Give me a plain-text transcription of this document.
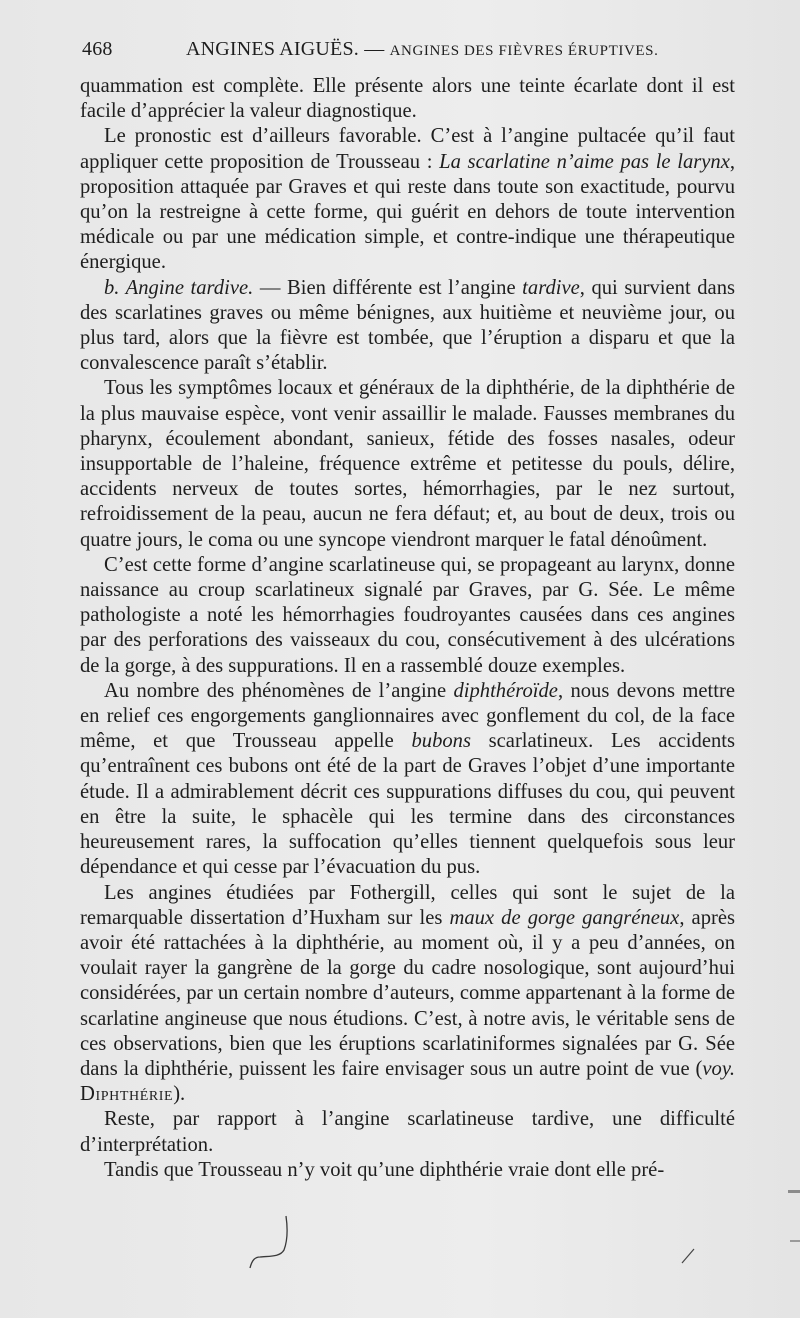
468	ANGINES AIGUËS. — ANGINES DES FIÈVRES ÉRUPTIVES.

quammation est complète. Elle présente alors une teinte écarlate dont il est facile d’apprécier la valeur diagnostique.

Le pronostic est d’ailleurs favorable. C’est à l’angine pultacée qu’il faut appliquer cette proposition de Trousseau : La scarlatine n’aime pas le larynx, proposition attaquée par Graves et qui reste dans toute son exactitude, pourvu qu’on la restreigne à cette forme, qui guérit en dehors de toute intervention médicale ou par une médication simple, et contre-indique une thérapeutique énergique.

b. Angine tardive. — Bien différente est l’angine tardive, qui survient dans des scarlatines graves ou même bénignes, aux huitième et neuvième jour, ou plus tard, alors que la fièvre est tombée, que l’éruption a disparu et que la convalescence paraît s’établir.

Tous les symptômes locaux et généraux de la diphthérie, de la diphthérie de la plus mauvaise espèce, vont venir assaillir le malade. Fausses membranes du pharynx, écoulement abondant, sanieux, fétide des fosses nasales, odeur insupportable de l’haleine, fréquence extrême et petitesse du pouls, délire, accidents nerveux de toutes sortes, hémorrhagies, par le nez surtout, refroidissement de la peau, aucun ne fera défaut; et, au bout de deux, trois ou quatre jours, le coma ou une syncope viendront marquer le fatal dénoûment.

C’est cette forme d’angine scarlatineuse qui, se propageant au larynx, donne naissance au croup scarlatineux signalé par Graves, par G. Sée. Le même pathologiste a noté les hémorrhagies foudroyantes causées dans ces angines par des perforations des vaisseaux du cou, consécutivement à des ulcérations de la gorge, à des suppurations. Il en a rassemblé douze exemples.

Au nombre des phénomènes de l’angine diphthéroïde, nous devons mettre en relief ces engorgements ganglionnaires avec gonflement du col, de la face même, et que Trousseau appelle bubons scarlatineux. Les accidents qu’entraînent ces bubons ont été de la part de Graves l’objet d’une importante étude. Il a admirablement décrit ces suppurations diffuses du cou, qui peuvent en être la suite, le sphacèle qui les termine dans des circonstances heureusement rares, la suffocation qu’elles tiennent quelquefois sous leur dépendance et qui cesse par l’évacuation du pus.

Les angines étudiées par Fothergill, celles qui sont le sujet de la remarquable dissertation d’Huxham sur les maux de gorge gangréneux, après avoir été rattachées à la diphthérie, au moment où, il y a peu d’années, on voulait rayer la gangrène de la gorge du cadre nosologique, sont aujourd’hui considérées, par un certain nombre d’auteurs, comme appartenant à la forme de scarlatine angineuse que nous étudions. C’est, à notre avis, le véritable sens de ces observations, bien que les éruptions scarlatiniformes signalées par G. Sée dans la diphthérie, puissent les faire envisager sous un autre point de vue (voy. Diphthérie).

Reste, par rapport à l’angine scarlatineuse tardive, une difficulté d’interprétation.

Tandis que Trousseau n’y voit qu’une diphthérie vraie dont elle pré-
